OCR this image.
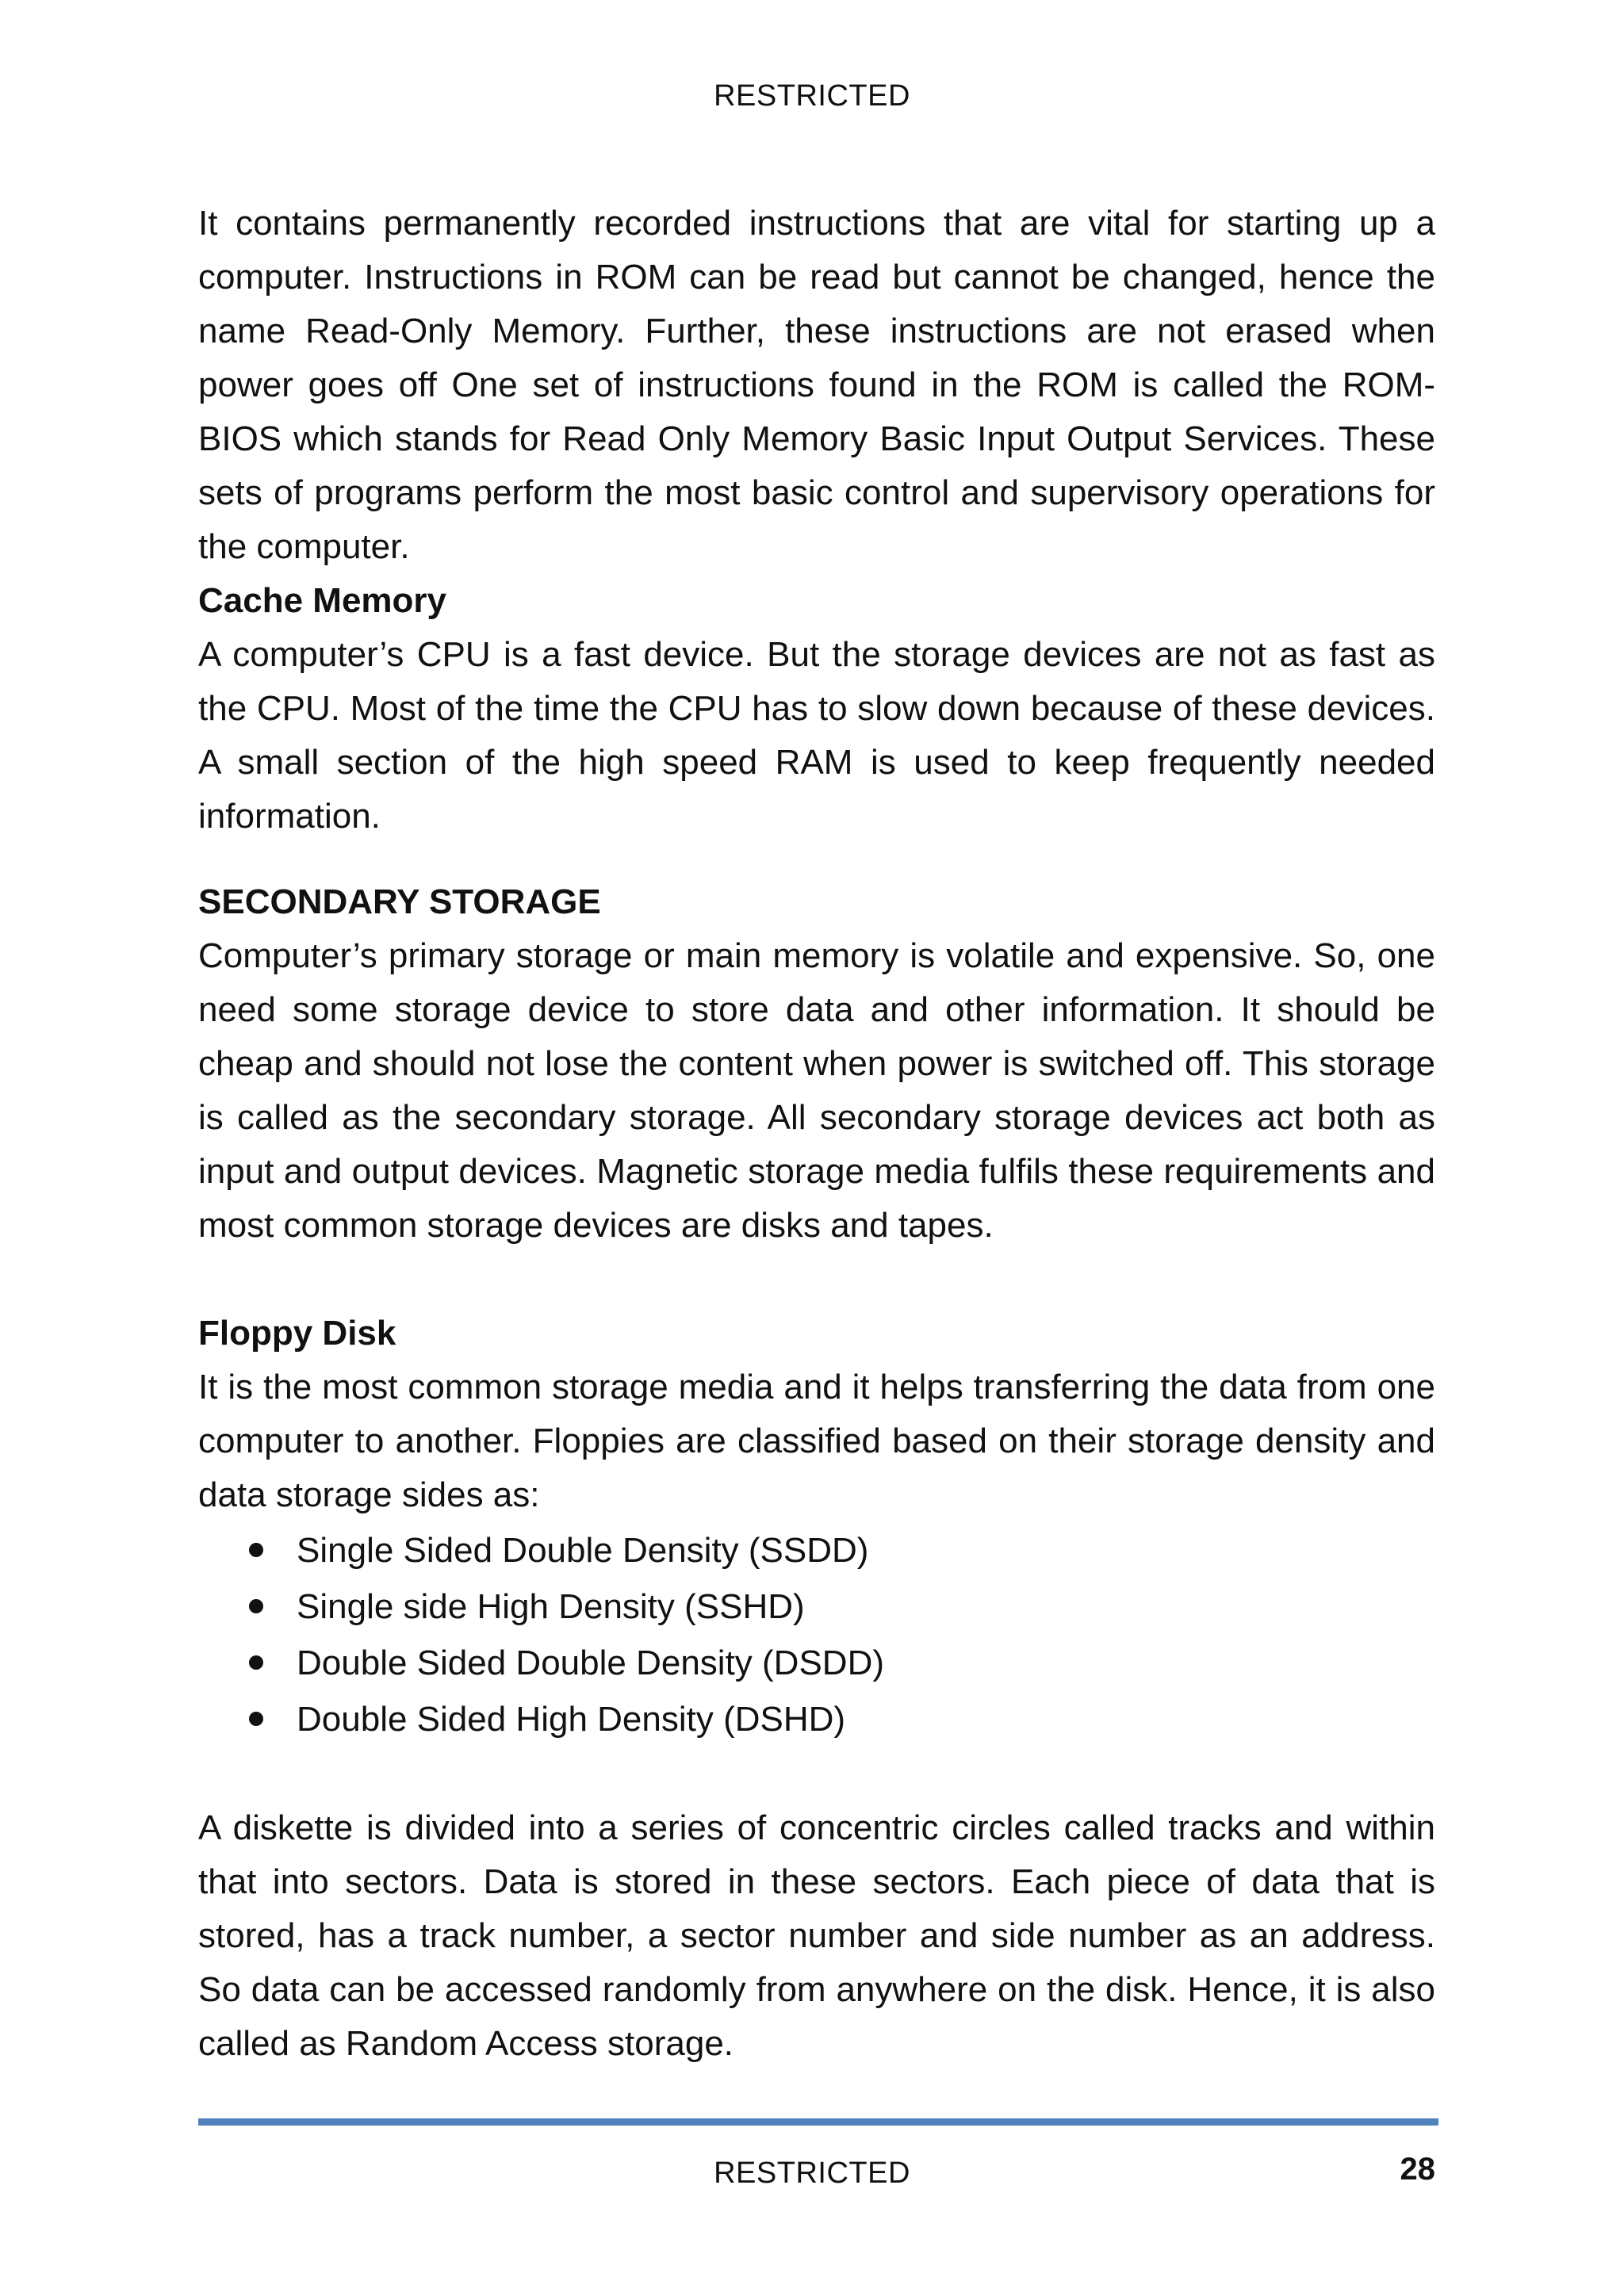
RESTRICTED

It contains permanently recorded instructions that are vital for starting up a computer. Instructions in ROM can be read but cannot be changed, hence the name Read-Only Memory. Further, these instructions are not erased when power goes off One set of instructions found in the ROM is called the ROM-BIOS which stands for Read Only Memory Basic Input Output Services. These sets of programs perform the most basic control and supervisory operations for the computer.

Cache Memory

A computer’s CPU is a fast device. But the storage devices are not as fast as the CPU. Most of the time the CPU has to slow down because of these devices. A small section of the high speed RAM is used to keep frequently needed information.

SECONDARY STORAGE

Computer’s primary storage or main memory is volatile and expensive. So, one need some storage device to store data and other information. It should be cheap and should not lose the content when power is switched off. This storage is called as the secondary storage. All secondary storage devices act both as input and output devices. Magnetic storage media fulfils these requirements and most common storage devices are disks and tapes.

Floppy Disk

It is the most common storage media and it helps transferring the data from one computer to another. Floppies are classified based on their storage density and data storage sides as:

Single Sided Double Density (SSDD)
Single side High Density (SSHD)
Double Sided Double Density (DSDD)
Double Sided High Density (DSHD)

A diskette is divided into a series of concentric circles called tracks and within that into sectors. Data is stored in these sectors. Each piece of data that is stored, has a track number, a sector number and side number as an address. So data can be accessed randomly from anywhere on the disk. Hence, it is also called as Random Access storage.

RESTRICTED	28
